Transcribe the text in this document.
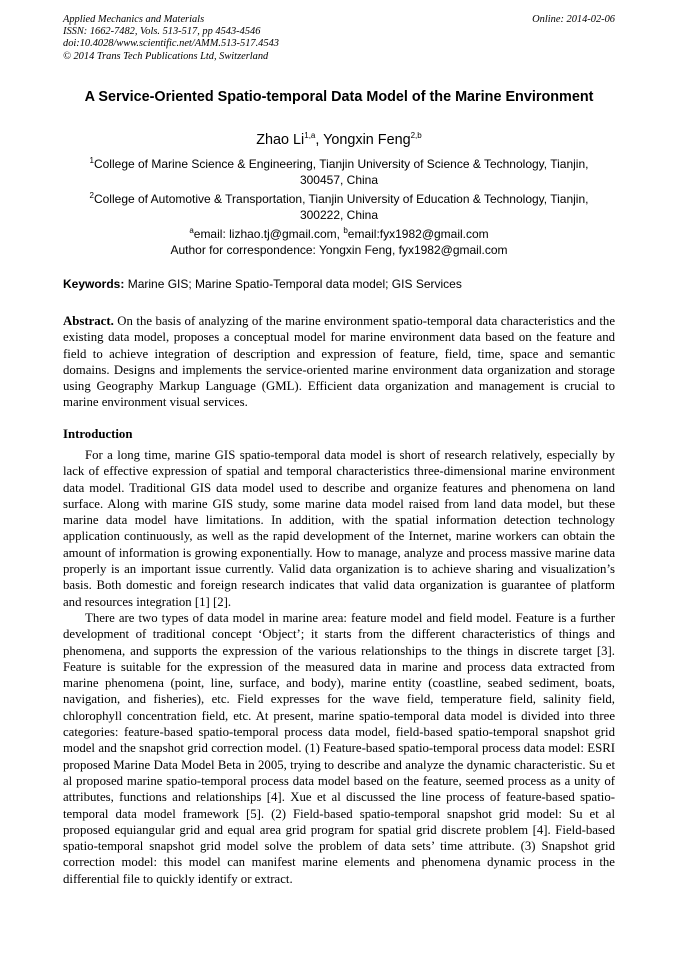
Applied Mechanics and Materials
ISSN: 1662-7482, Vols. 513-517, pp 4543-4546
doi:10.4028/www.scientific.net/AMM.513-517.4543
© 2014 Trans Tech Publications Ltd, Switzerland
Online: 2014-02-06
A Service-Oriented Spatio-temporal Data Model of the Marine Environment
Zhao Li$^{1,a}$, Yongxin Feng$^{2,b}$
$^1$College of Marine Science & Engineering, Tianjin University of Science & Technology, Tianjin, 300457, China
$^2$College of Automotive & Transportation, Tianjin University of Education & Technology, Tianjin, 300222, China
$^a$email: lizhao.tj@gmail.com, $^b$email:fyx1982@gmail.com
Author for correspondence: Yongxin Feng, fyx1982@gmail.com
Keywords: Marine GIS; Marine Spatio-Temporal data model; GIS Services
Abstract. On the basis of analyzing of the marine environment spatio-temporal data characteristics and the existing data model, proposes a conceptual model for marine environment data based on the feature and field to achieve integration of description and expression of feature, field, time, space and semantic domains. Designs and implements the service-oriented marine environment data organization and storage using Geography Markup Language (GML). Efficient data organization and management is crucial to marine environment visual services.
Introduction

For a long time, marine GIS spatio-temporal data model is short of research relatively, especially by lack of effective expression of spatial and temporal characteristics three-dimensional marine environment data model. Traditional GIS data model used to describe and organize features and phenomena on land surface. Along with marine GIS study, some marine data model raised from land data model, but these marine data model have limitations. In addition, with the spatial information detection technology application continuously, as well as the rapid development of the Internet, marine workers can obtain the amount of information is growing exponentially. How to manage, analyze and process massive marine data properly is an important issue currently. Valid data organization is to achieve sharing and visualization’s basis. Both domestic and foreign research indicates that valid data organization is guarantee of platform and resources integration [1] [2].

There are two types of data model in marine area: feature model and field model. Feature is a further development of traditional concept ‘Object’; it starts from the different characteristics of things and phenomena, and supports the expression of the various relationships to the things in discrete target [3]. Feature is suitable for the expression of the measured data in marine and process data extracted from marine phenomena (point, line, surface, and body), marine entity (coastline, seabed sediment, boats, navigation, and fisheries), etc. Field expresses for the wave field, temperature field, salinity field, chlorophyll concentration field, etc. At present, marine spatio-temporal data model is divided into three categories: feature-based spatio-temporal process data model, field-based spatio-temporal snapshot grid model and the snapshot grid correction model. (1) Feature-based spatio-temporal process data model: ESRI proposed Marine Data Model Beta in 2005, trying to describe and analyze the dynamic characteristic. Su et al proposed marine spatio-temporal process data model based on the feature, seemed process as a unity of attributes, functions and relationships [4]. Xue et al discussed the line process of feature-based spatio-temporal data model framework [5]. (2) Field-based spatio-temporal snapshot grid model: Su et al proposed equiangular grid and equal area grid program for spatial grid discrete problem [4]. Field-based spatio-temporal snapshot grid model solve the problem of data sets’ time attribute. (3) Snapshot grid correction model: this model can manifest marine elements and phenomena dynamic process in the differential file to quickly identify or extract.
